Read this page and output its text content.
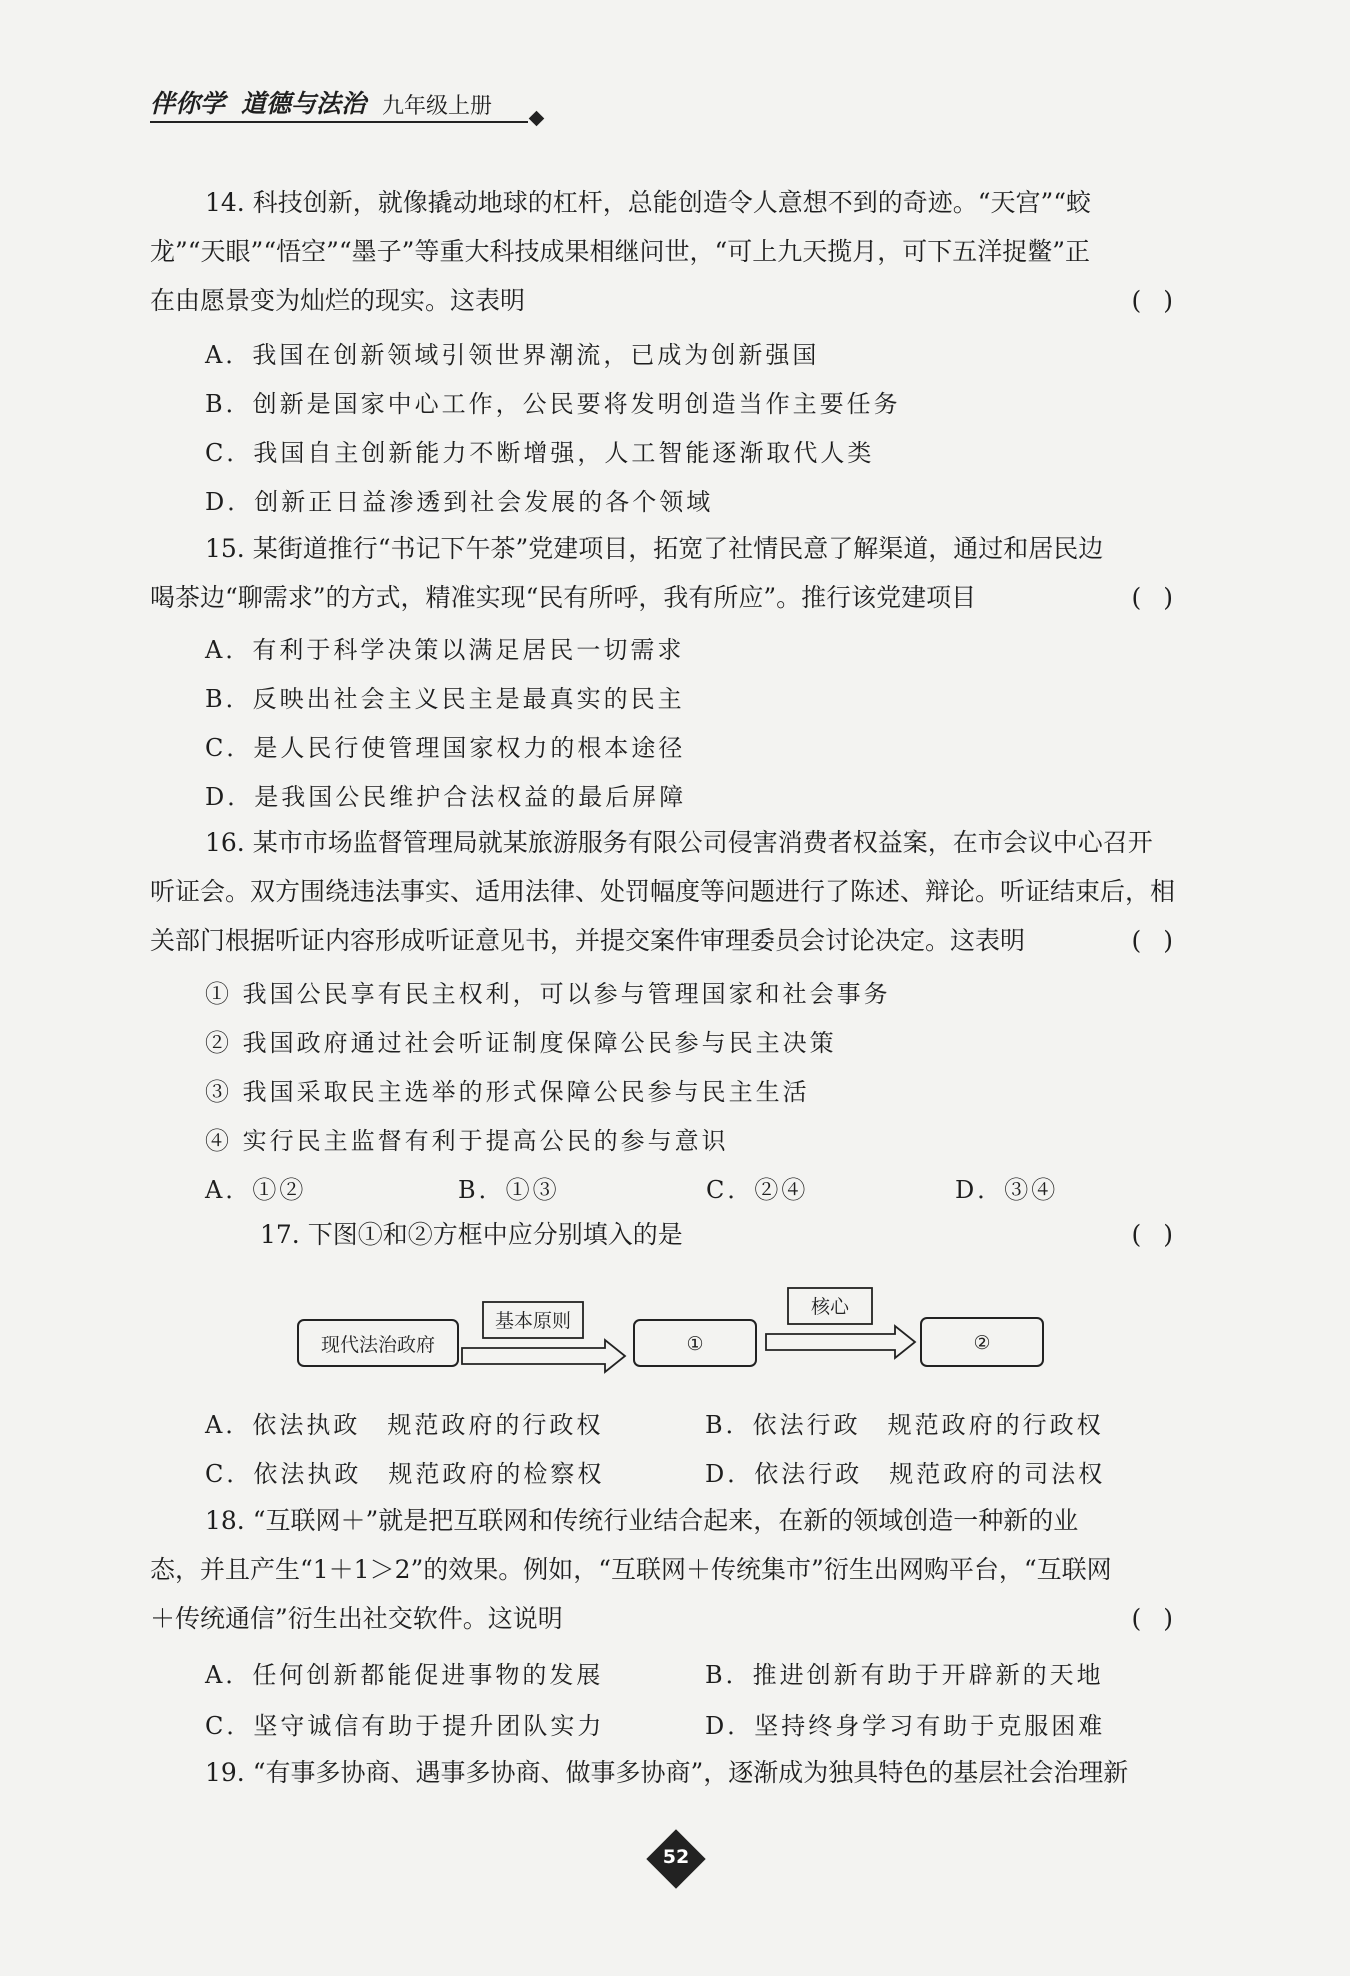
伴你学 道德与法治 九年级上册
14. 科技创新，就像撬动地球的杠杆，总能创造令人意想不到的奇迹。“天宫”“蛟
龙”“天眼”“悟空”“墨子”等重大科技成果相继问世，“可上九天揽月，可下五洋捉鳖”正
在由愿景变为灿烂的现实。这表明	()
A．我国在创新领域引领世界潮流，已成为创新强国
B．创新是国家中心工作，公民要将发明创造当作主要任务
C．我国自主创新能力不断增强，人工智能逐渐取代人类
D．创新正日益渗透到社会发展的各个领域
15. 某街道推行“书记下午茶”党建项目，拓宽了社情民意了解渠道，通过和居民边
喝茶边“聊需求”的方式，精准实现“民有所呼，我有所应”。推行该党建项目	()
A．有利于科学决策以满足居民一切需求
B．反映出社会主义民主是最真实的民主
C．是人民行使管理国家权力的根本途径
D．是我国公民维护合法权益的最后屏障
16. 某市市场监督管理局就某旅游服务有限公司侵害消费者权益案，在市会议中心召开
听证会。双方围绕违法事实、适用法律、处罚幅度等问题进行了陈述、辩论。听证结束后，相
关部门根据听证内容形成听证意见书，并提交案件审理委员会讨论决定。这表明	()
① 我国公民享有民主权利，可以参与管理国家和社会事务
② 我国政府通过社会听证制度保障公民参与民主决策
③ 我国采取民主选举的形式保障公民参与民主生活
④ 实行民主监督有利于提高公民的参与意识
A．①②	B．①③	C．②④	D．③④
17. 下图①和②方框中应分别填入的是	()
现代法治政府
基本原则
①
核心
②
A．依法执政　规范政府的行政权	B．依法行政　规范政府的行政权
C．依法执政　规范政府的检察权	D．依法行政　规范政府的司法权
18. “互联网＋”就是把互联网和传统行业结合起来，在新的领域创造一种新的业
态，并且产生“1＋1＞2”的效果。例如，“互联网＋传统集市”衍生出网购平台，“互联网
＋传统通信”衍生出社交软件。这说明	()
A．任何创新都能促进事物的发展	B．推进创新有助于开辟新的天地
C．坚守诚信有助于提升团队实力	D．坚持终身学习有助于克服困难
19. “有事多协商、遇事多协商、做事多协商”，逐渐成为独具特色的基层社会治理新
52
